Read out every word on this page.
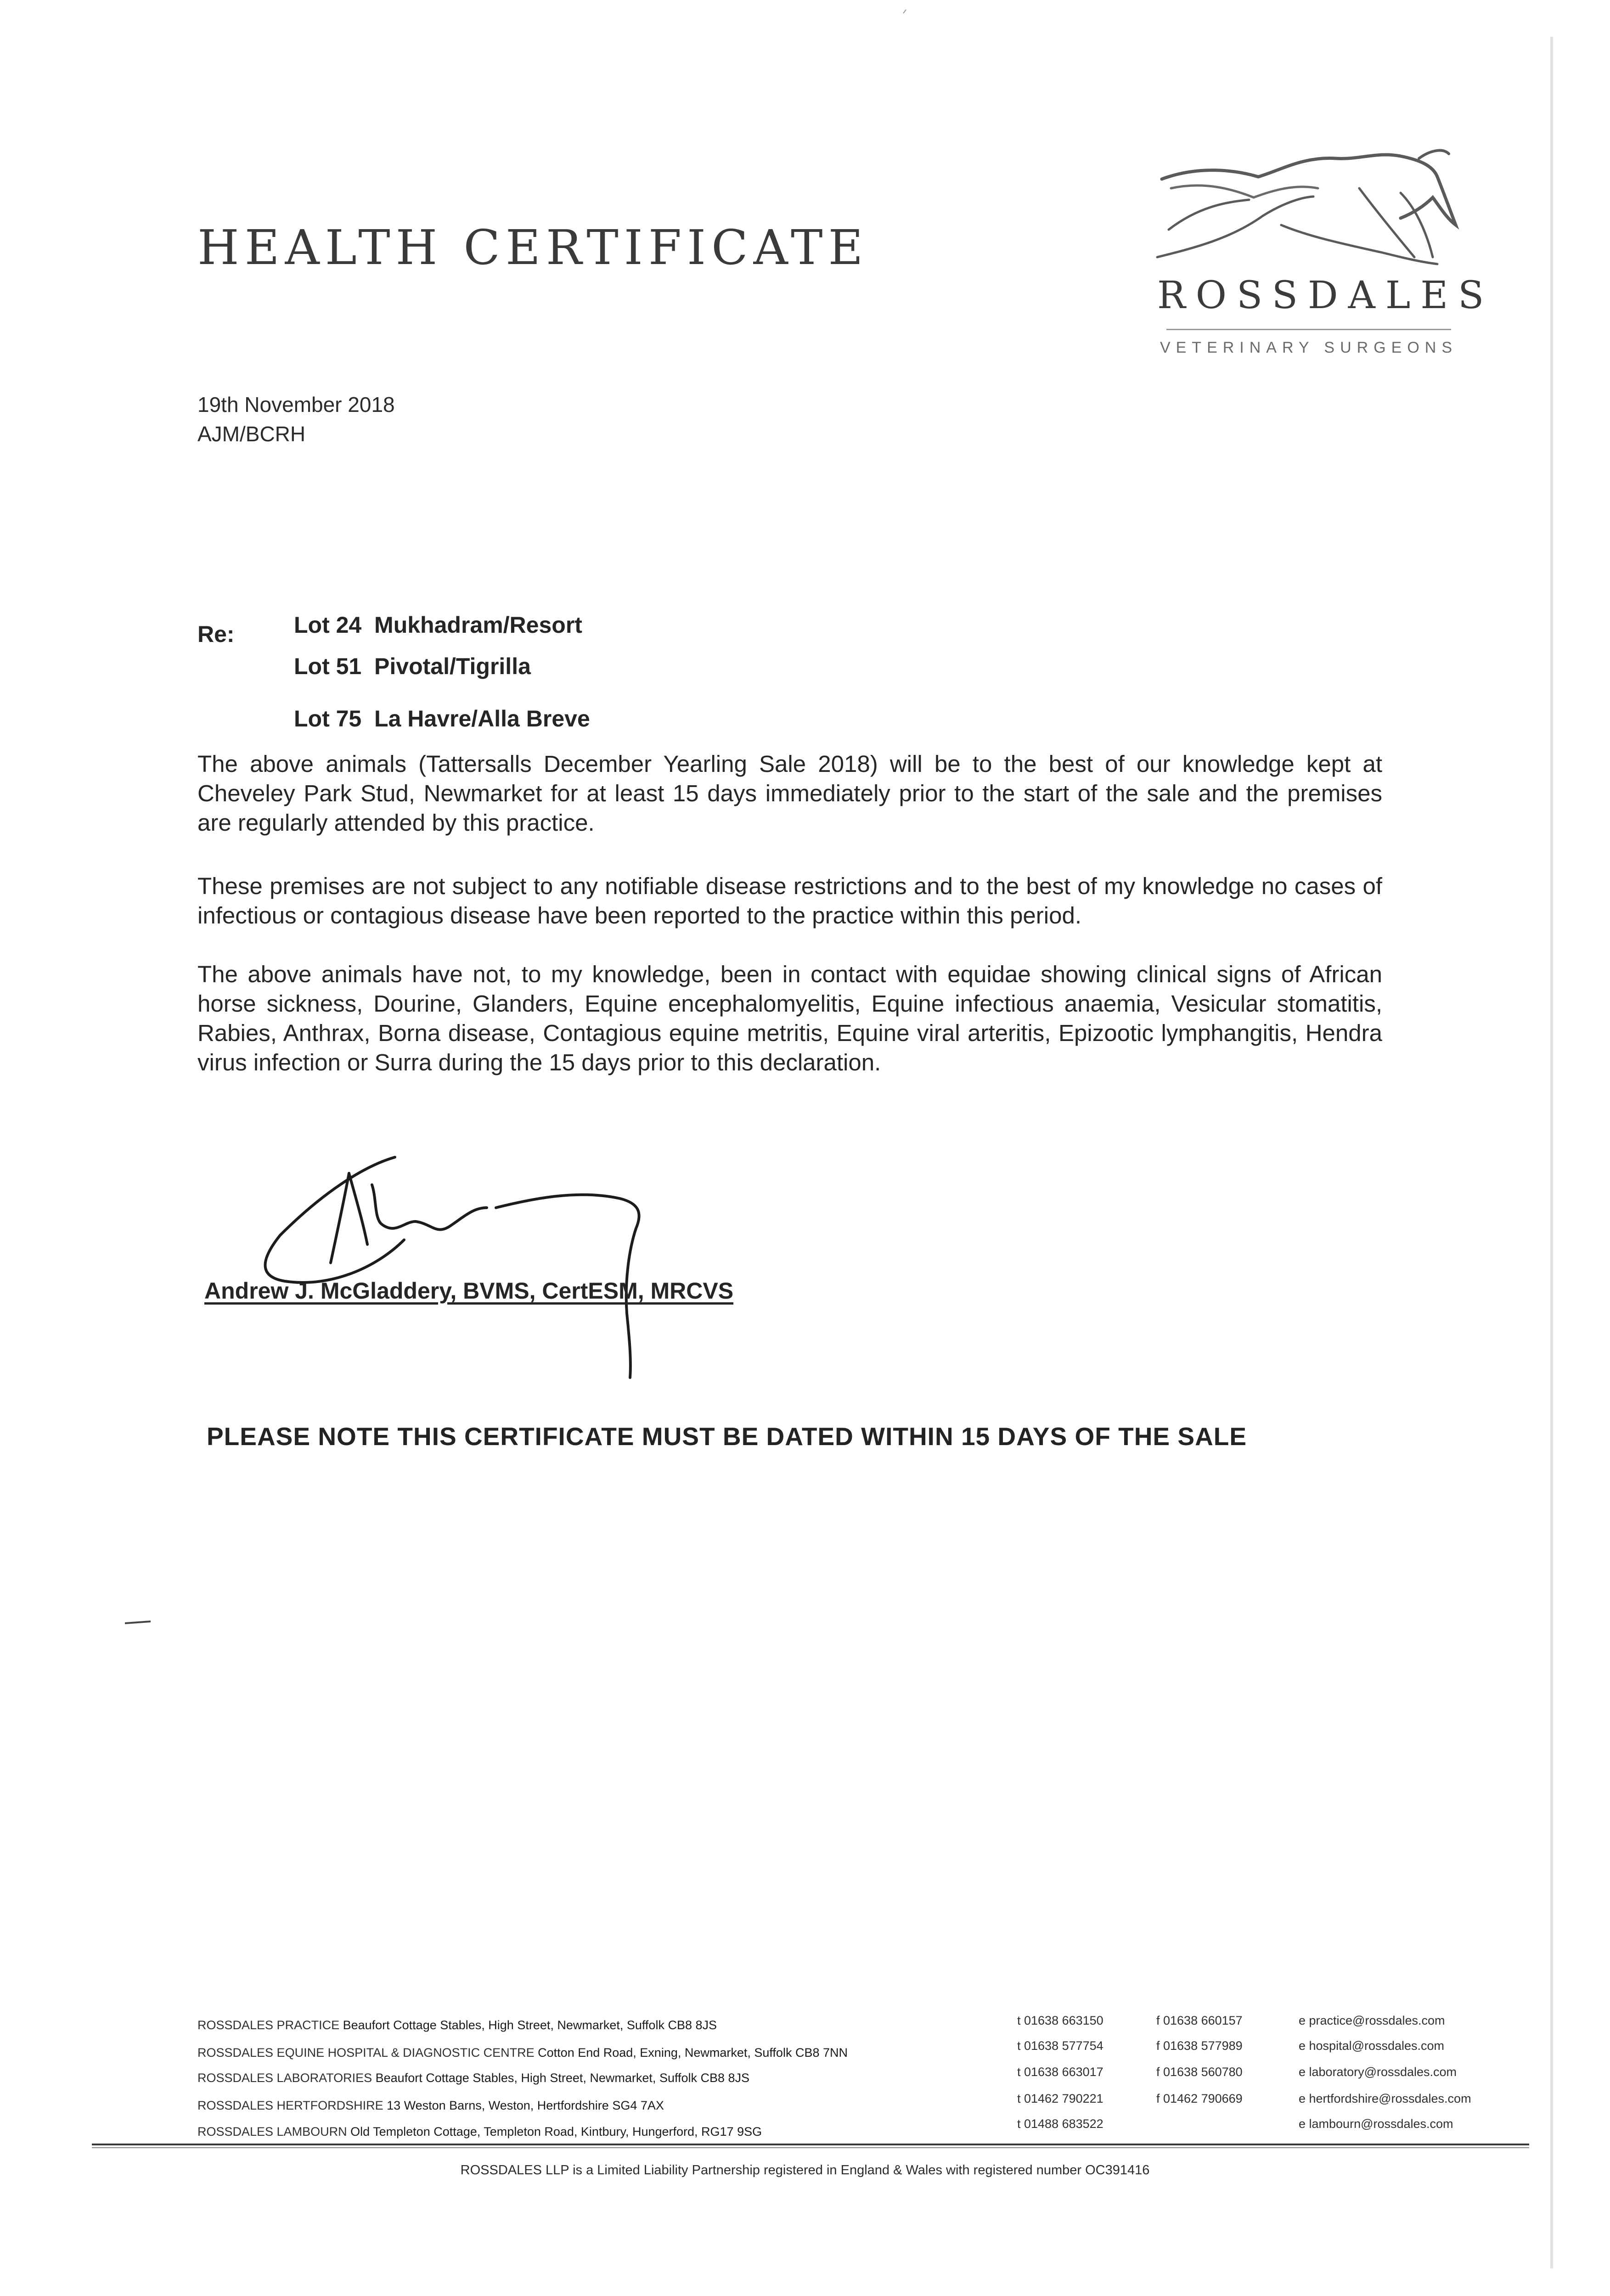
HEALTH CERTIFICATE
ROSSDALES
VETERINARY SURGEONS
19th November 2018
AJM/BCRH
Re:	Lot 24 Mukhadram/Resort
Lot 51 Pivotal/Tigrilla
Lot 75 La Havre/Alla Breve
The above animals (Tattersalls December Yearling Sale 2018) will be to the best of our knowledge kept at Cheveley Park Stud, Newmarket for at least 15 days immediately prior to the start of the sale and the premises are regularly attended by this practice.
These premises are not subject to any notifiable disease restrictions and to the best of my knowledge no cases of infectious or contagious disease have been reported to the practice within this period.
The above animals have not, to my knowledge, been in contact with equidae showing clinical signs of African horse sickness, Dourine, Glanders, Equine encephalomyelitis, Equine infectious anaemia, Vesicular stomatitis, Rabies, Anthrax, Borna disease, Contagious equine metritis, Equine viral arteritis, Epizootic lymphangitis, Hendra virus infection or Surra during the 15 days prior to this declaration.
Andrew J. McGladdery, BVMS, CertESM, MRCVS
PLEASE NOTE THIS CERTIFICATE MUST BE DATED WITHIN 15 DAYS OF THE SALE
ROSSDALES PRACTICE Beaufort Cottage Stables, High Street, Newmarket, Suffolk CB8 8JS
ROSSDALES EQUINE HOSPITAL & DIAGNOSTIC CENTRE Cotton End Road, Exning, Newmarket, Suffolk CB8 7NN
ROSSDALES LABORATORIES Beaufort Cottage Stables, High Street, Newmarket, Suffolk CB8 8JS
ROSSDALES HERTFORDSHIRE 13 Weston Barns, Weston, Hertfordshire SG4 7AX
ROSSDALES LAMBOURN Old Templeton Cottage, Templeton Road, Kintbury, Hungerford, RG17 9SG
t 01638 663150
t 01638 577754
t 01638 663017
t 01462 790221
t 01488 683522
f 01638 660157
f 01638 577989
f 01638 560780
f 01462 790669
e practice@rossdales.com
e hospital@rossdales.com
e laboratory@rossdales.com
e hertfordshire@rossdales.com
e lambourn@rossdales.com
ROSSDALES LLP is a Limited Liability Partnership registered in England & Wales with registered number OC391416
